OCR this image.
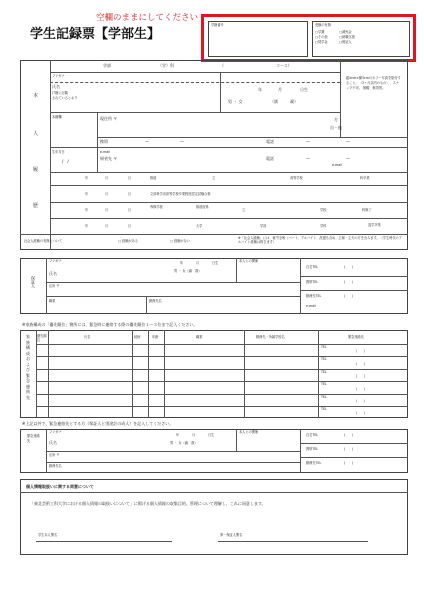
空欄のままにしてください
学籍番号	受験の有無
□学費	□減免金
□その他	□就職支援
□奨学金	□保証人
学生記録票【学部生】
本
人
履
歴
学部	（学）科	（	コース）
フリガナ
氏名
戸籍に記載
されているとおり
年	月	日生
男 ・ 女	（満　　　歳）
縦4cm×横3cmのカラー写真を貼付すること。（3ヶ月以内のもの）、スナップ不可。 無帽、無背景。
本籍欄	現住所 〒	方
自・他
携帯	—	—	電話	—	—
生年月日
/　/
e-mail
帰省先 〒	電話	—	—
e-mail
年	月	日	都道	立	高等学校	科卒業
年	月	日	文部科学省高等学校卒業程度認定試験合格
年	月	日
専修学校	都道府県
立	学校	科修了
年	月	日	大学	学部	学科	退学卒業
社会人経験の有無について	□ 経験がある	□ 経験がない
※「社会人経験」には、就労全般（パート、アルバイト、派遣も含め、主婦・主夫の方を含みます。（学生時代のアルバイト経験は除きます）
保証人
フリガナ
氏名
年	月	日生
男 ・ 女（満　歳）
本人との関係
住所 〒
職業	勤務先名
自宅TEL	(　　)
携帯TEL	(　　)
勤務先TEL	(　　)
e-mail
※家族構成の「優先順位」箇所には、緊急時に連絡する際の優先順位１～３位まで記入ください。
家族構成および緊急連絡先
優先順位
氏名	続柄	年齢	職業	勤務先・所属学校名	緊急連絡先
TEL
(　　)
TEL
(　　)
TEL
(　　)
TEL
(　　)
TEL
(　　)
TEL
(　　)
※上記以外で、緊急連絡先とする方（保証人と別途計の成人）を記入してください。
緊急連絡先
フリガナ
氏名
年	月	日生
男 ・ 女（満　歳）
本人との関係
住所 〒
勤務先名
自宅TEL	(　　)
携帯TEL	(　　)
勤務先TEL	(　　)
個人情報取扱いに関する同意について
「東北芸術工科大学における個人情報の取扱いについて」に掲げる個人情報の収集目的、管理について理解し、これに同意します。
学生本人署名	第一保証人署名
